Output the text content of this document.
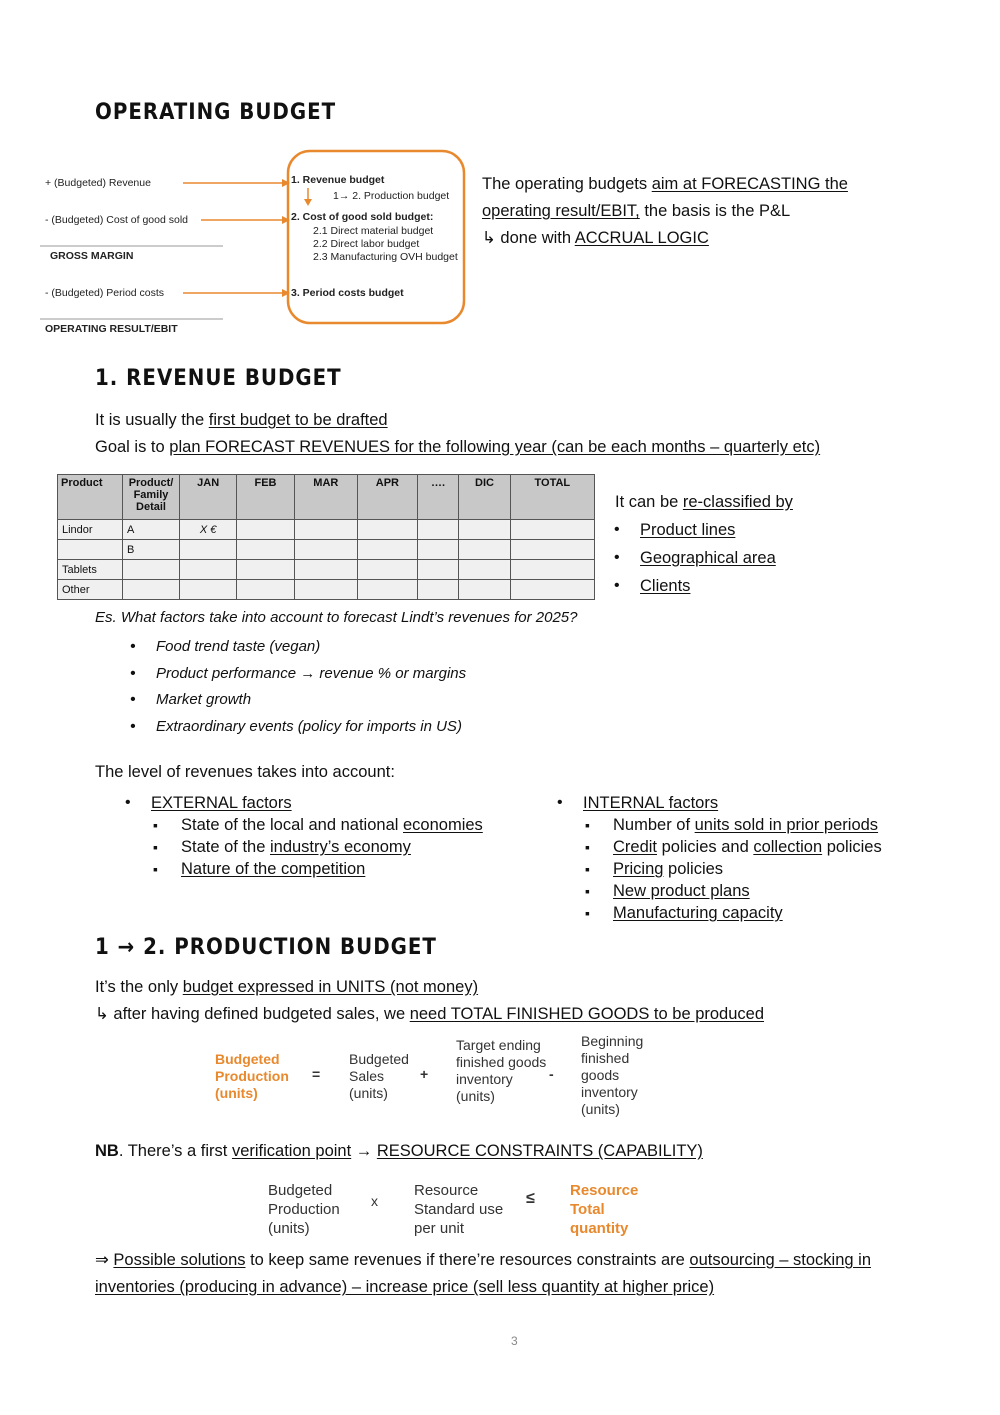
OPERATING BUDGET
+ (Budgeted) Revenue
- (Budgeted) Cost of good sold
GROSS MARGIN
- (Budgeted) Period costs
OPERATING RESULT/EBIT
1. Revenue budget
1→ 2. Production budget
2. Cost of good sold budget:
2.1 Direct material budget
2.2 Direct labor budget
2.3 Manufacturing OVH budget
3. Period costs budget
The operating budgets aim at FORECASTING the
operating result/EBIT, the basis is the P&L
↳ done with ACCRUAL LOGIC
1. REVENUE BUDGET
It is usually the first budget to be drafted
Goal is to plan FORECAST REVENUES for the following year (can be each months – quarterly etc)
Product	Product/ Family Detail	JAN	FEB	MAR	APR	….	DIC	TOTAL
Lindor	A	X €						
	B							
Tablets								
Other								
It can be re-classified by
• Product lines
• Geographical area
• Clients
Es. What factors take into account to forecast Lindt’s revenues for 2025?
• Food trend taste (vegan)
• Product performance → revenue % or margins
• Market growth
• Extraordinary events (policy for imports in US)
The level of revenues takes into account:
• EXTERNAL factors
▪ State of the local and national economies
▪ State of the industry’s economy
▪ Nature of the competition
• INTERNAL factors
▪ Number of units sold in prior periods
▪ Credit policies and collection policies
▪ Pricing policies
▪ New product plans
▪ Manufacturing capacity
1 → 2. PRODUCTION BUDGET
It’s the only budget expressed in UNITS (not money)
↳ after having defined budgeted sales, we need TOTAL FINISHED GOODS to be produced
Budgeted Production (units)
=
Budgeted Sales (units)
+
Target ending finished goods inventory (units)
-
Beginning finished goods inventory (units)
NB. There’s a first verification point → RESOURCE CONSTRAINTS (CAPABILITY)
Budgeted Production (units)
x
Resource Standard use per unit
≤ Resource Total quantity
⇒ Possible solutions to keep same revenues if there’re resources constraints are outsourcing – stocking in
inventories (producing in advance) – increase price (sell less quantity at higher price)
3
